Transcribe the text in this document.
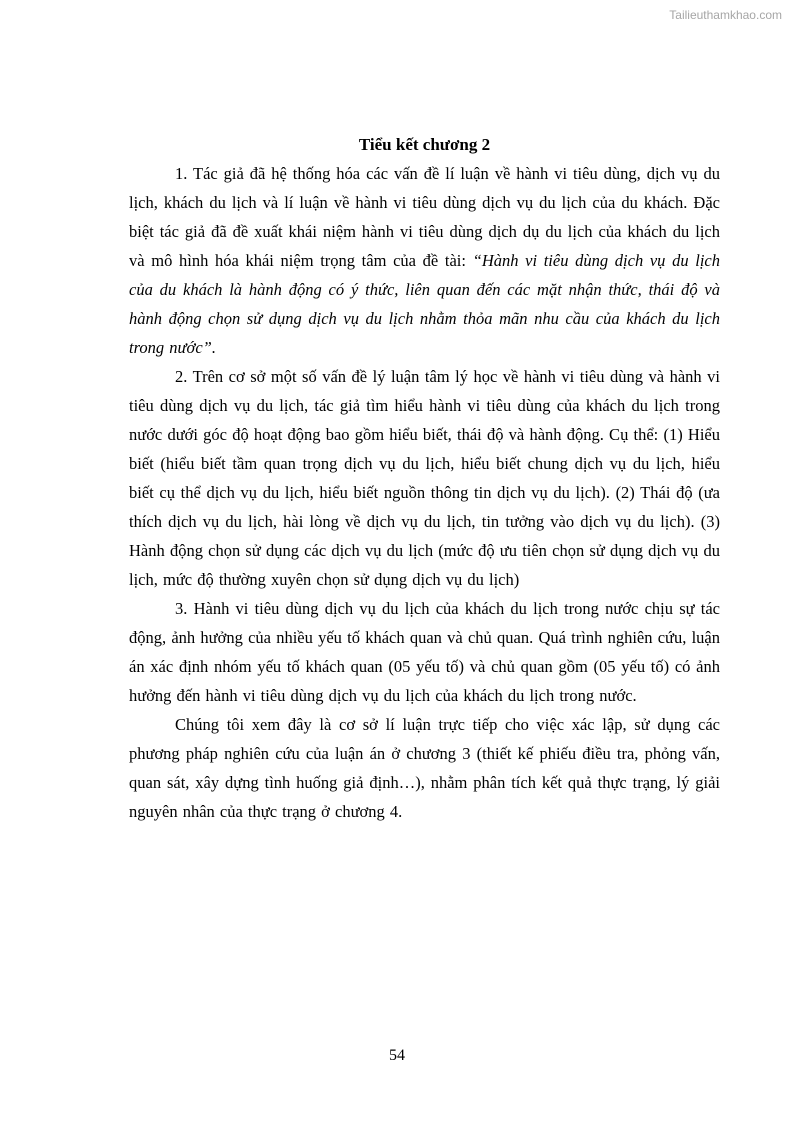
Tailieuthamkhao.com
Tiểu kết chương 2

1. Tác giả đã hệ thống hóa các vấn đề lí luận về hành vi tiêu dùng, dịch vụ du lịch, khách du lịch và lí luận về hành vi tiêu dùng dịch vụ du lịch của du khách. Đặc biệt tác giả đã đề xuất khái niệm hành vi tiêu dùng dịch dụ du lịch của khách du lịch và mô hình hóa khái niệm trọng tâm của đề tài: “Hành vi tiêu dùng dịch vụ du lịch của du khách là hành động có ý thức, liên quan đến các mặt nhận thức, thái độ và hành động chọn sử dụng dịch vụ du lịch nhằm thỏa mãn nhu cầu của khách du lịch trong nước”.

2. Trên cơ sở một số vấn đề lý luận tâm lý học về hành vi tiêu dùng và hành vi tiêu dùng dịch vụ du lịch, tác giả tìm hiểu hành vi tiêu dùng của khách du lịch trong nước dưới góc độ hoạt động bao gồm hiểu biết, thái độ và hành động. Cụ thể: (1) Hiểu biết (hiểu biết tầm quan trọng dịch vụ du lịch, hiểu biết chung dịch vụ du lịch, hiểu biết cụ thể dịch vụ du lịch, hiểu biết nguồn thông tin dịch vụ du lịch). (2) Thái độ (ưa thích dịch vụ du lịch, hài lòng về dịch vụ du lịch, tin tưởng vào dịch vụ du lịch). (3) Hành động chọn sử dụng các dịch vụ du lịch (mức độ ưu tiên chọn sử dụng dịch vụ du lịch, mức độ thường xuyên chọn sử dụng dịch vụ du lịch)

3. Hành vi tiêu dùng dịch vụ du lịch của khách du lịch trong nước chịu sự tác động, ảnh hưởng của nhiều yếu tố khách quan và chủ quan. Quá trình nghiên cứu, luận án xác định nhóm yếu tố khách quan (05 yếu tố) và chủ quan gồm (05 yếu tố) có ảnh hưởng đến hành vi tiêu dùng dịch vụ du lịch của khách du lịch trong nước.

Chúng tôi xem đây là cơ sở lí luận trực tiếp cho việc xác lập, sử dụng các phương pháp nghiên cứu của luận án ở chương 3 (thiết kế phiếu điều tra, phỏng vấn, quan sát, xây dựng tình huống giả định…), nhằm phân tích kết quả thực trạng, lý giải nguyên nhân của thực trạng ở chương 4.

54
